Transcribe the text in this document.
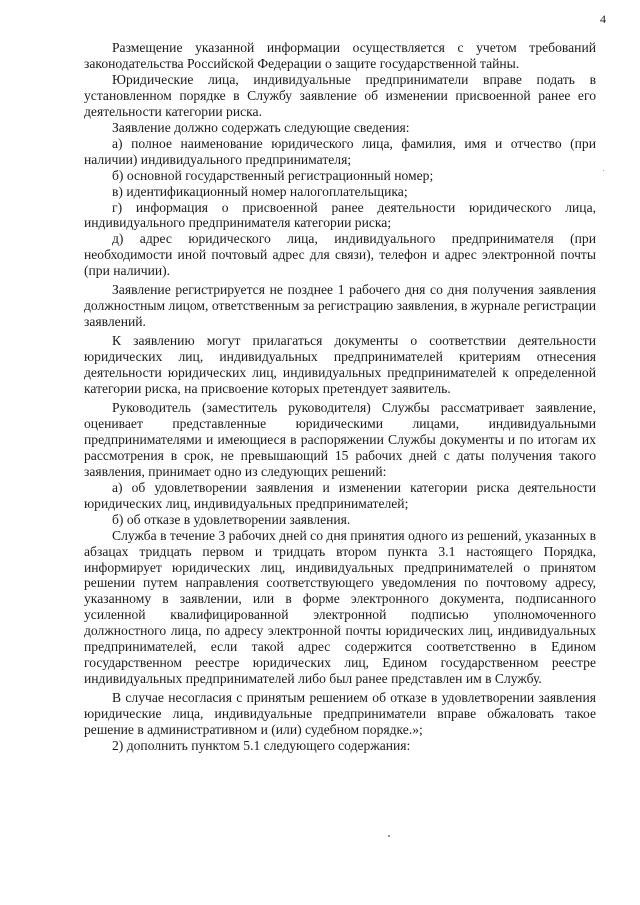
4

Размещение указанной информации осуществляется с учетом требований законодательства Российской Федерации о защите государственной тайны.

Юридические лица, индивидуальные предприниматели вправе подать в установленном порядке в Службу заявление об изменении присвоенной ранее его деятельности категории риска.

Заявление должно содержать следующие сведения:

а) полное наименование юридического лица, фамилия, имя и отчество (при наличии) индивидуального предпринимателя;

б) основной государственный регистрационный номер;

в) идентификационный номер налогоплательщика;

г) информация о присвоенной ранее деятельности юридического лица, индивидуального предпринимателя категории риска;

д) адрес юридического лица, индивидуального предпринимателя (при необходимости иной почтовый адрес для связи), телефон и адрес электронной почты (при наличии).

Заявление регистрируется не позднее 1 рабочего дня со дня получения заявления должностным лицом, ответственным за регистрацию заявления, в журнале регистрации заявлений.

К заявлению могут прилагаться документы о соответствии деятельности юридических лиц, индивидуальных предпринимателей критериям отнесения деятельности юридических лиц, индивидуальных предпринимателей к определенной категории риска, на присвоение которых претендует заявитель.

Руководитель (заместитель руководителя) Службы рассматривает заявление, оценивает представленные юридическими лицами, индивидуальными предпринимателями и имеющиеся в распоряжении Службы документы и по итогам их рассмотрения в срок, не превышающий 15 рабочих дней с даты получения такого заявления, принимает одно из следующих решений:

а) об удовлетворении заявления и изменении категории риска деятельности юридических лиц, индивидуальных предпринимателей;

б) об отказе в удовлетворении заявления.

Служба в течение 3 рабочих дней со дня принятия одного из решений, указанных в абзацах тридцать первом и тридцать втором пункта 3.1 настоящего Порядка, информирует юридических лиц, индивидуальных предпринимателей о принятом решении путем направления соответствующего уведомления по почтовому адресу, указанному в заявлении, или в форме электронного документа, подписанного усиленной квалифицированной электронной подписью уполномоченного должностного лица, по адресу электронной почты юридических лиц, индивидуальных предпринимателей, если такой адрес содержится соответственно в Едином государственном реестре юридических лиц, Едином государственном реестре индивидуальных предпринимателей либо был ранее представлен им в Службу.

В случае несогласия с принятым решением об отказе в удовлетворении заявления юридические лица, индивидуальные предприниматели вправе обжаловать такое решение в административном и (или) судебном порядке.»;

2) дополнить пунктом 5.1 следующего содержания:
